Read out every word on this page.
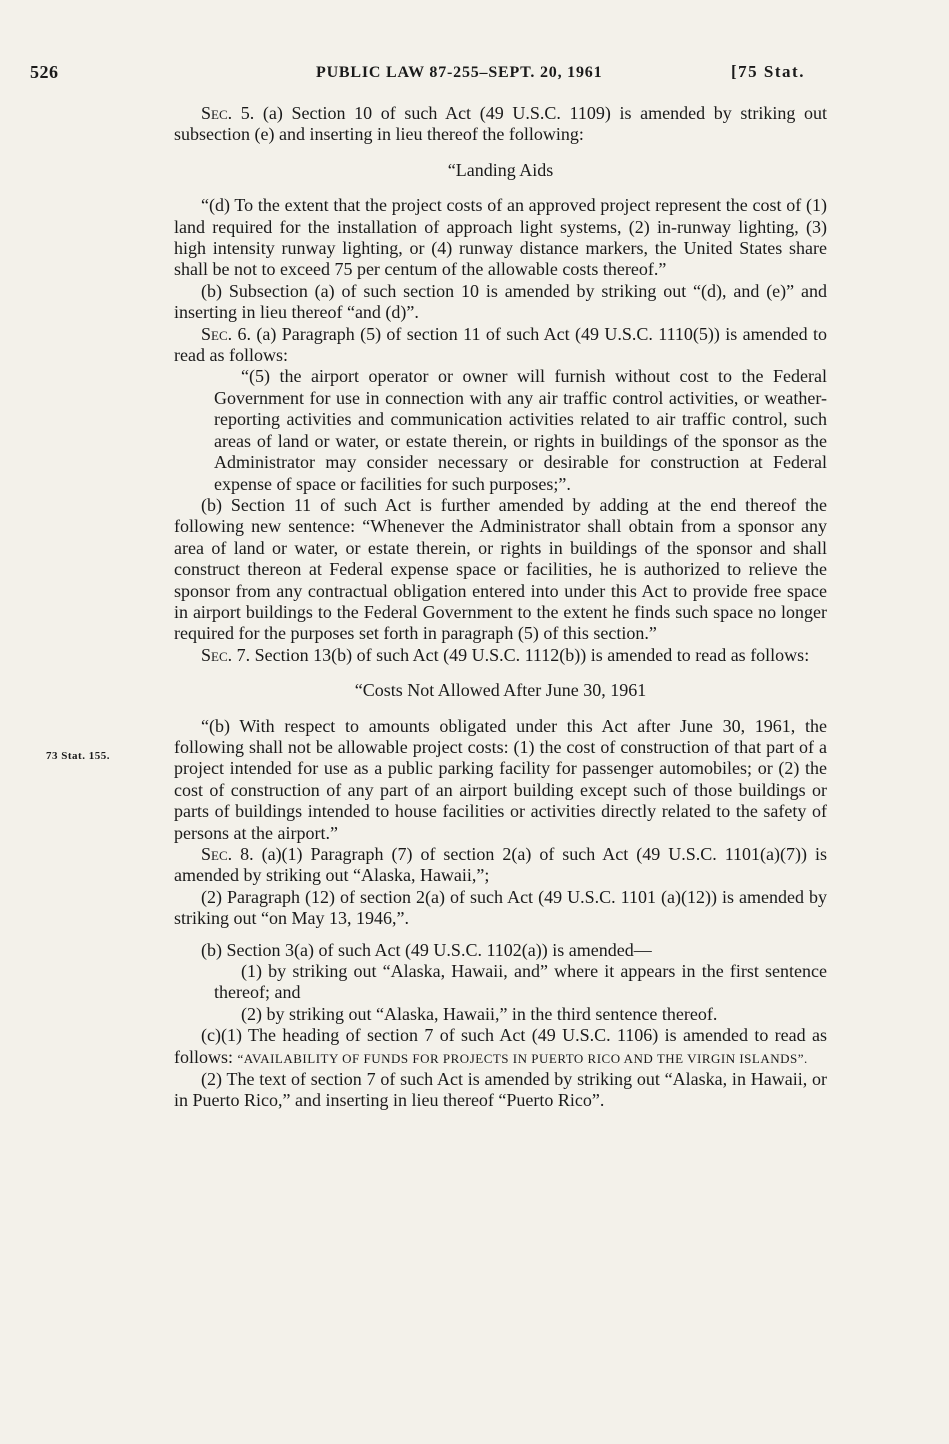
526	PUBLIC LAW 87-255–SEPT. 20, 1961	[75 Stat.
73 Stat. 155.

Sec. 5. (a) Section 10 of such Act (49 U.S.C. 1109) is amended by striking out subsection (e) and inserting in lieu thereof the following:

“Landing Aids

“(d) To the extent that the project costs of an approved project represent the cost of (1) land required for the installation of approach light systems, (2) in-runway lighting, (3) high intensity runway lighting, or (4) runway distance markers, the United States share shall be not to exceed 75 per centum of the allowable costs thereof.”

(b) Subsection (a) of such section 10 is amended by striking out “(d), and (e)” and inserting in lieu thereof “and (d)”.

Sec. 6. (a) Paragraph (5) of section 11 of such Act (49 U.S.C. 1110(5)) is amended to read as follows:

“(5) the airport operator or owner will furnish without cost to the Federal Government for use in connection with any air traffic control activities, or weather-reporting activities and communication activities related to air traffic control, such areas of land or water, or estate therein, or rights in buildings of the sponsor as the Administrator may consider necessary or desirable for construction at Federal expense of space or facilities for such purposes;”.

(b) Section 11 of such Act is further amended by adding at the end thereof the following new sentence: “Whenever the Administrator shall obtain from a sponsor any area of land or water, or estate therein, or rights in buildings of the sponsor and shall construct thereon at Federal expense space or facilities, he is authorized to relieve the sponsor from any contractual obligation entered into under this Act to provide free space in airport buildings to the Federal Government to the extent he finds such space no longer required for the purposes set forth in paragraph (5) of this section.”

Sec. 7. Section 13(b) of such Act (49 U.S.C. 1112(b)) is amended to read as follows:

“Costs Not Allowed After June 30, 1961

“(b) With respect to amounts obligated under this Act after June 30, 1961, the following shall not be allowable project costs: (1) the cost of construction of that part of a project intended for use as a public parking facility for passenger automobiles; or (2) the cost of construction of any part of an airport building except such of those buildings or parts of buildings intended to house facilities or activities directly related to the safety of persons at the airport.”

Sec. 8. (a)(1) Paragraph (7) of section 2(a) of such Act (49 U.S.C. 1101(a)(7)) is amended by striking out “Alaska, Hawaii,”;

(2) Paragraph (12) of section 2(a) of such Act (49 U.S.C. 1101 (a)(12)) is amended by striking out “on May 13, 1946,”.

(b) Section 3(a) of such Act (49 U.S.C. 1102(a)) is amended—

(1) by striking out “Alaska, Hawaii, and” where it appears in the first sentence thereof; and

(2) by striking out “Alaska, Hawaii,” in the third sentence thereof.

(c)(1) The heading of section 7 of such Act (49 U.S.C. 1106) is amended to read as follows: “AVAILABILITY OF FUNDS FOR PROJECTS IN PUERTO RICO AND THE VIRGIN ISLANDS”.

(2) The text of section 7 of such Act is amended by striking out “Alaska, in Hawaii, or in Puerto Rico,” and inserting in lieu thereof “Puerto Rico”.
